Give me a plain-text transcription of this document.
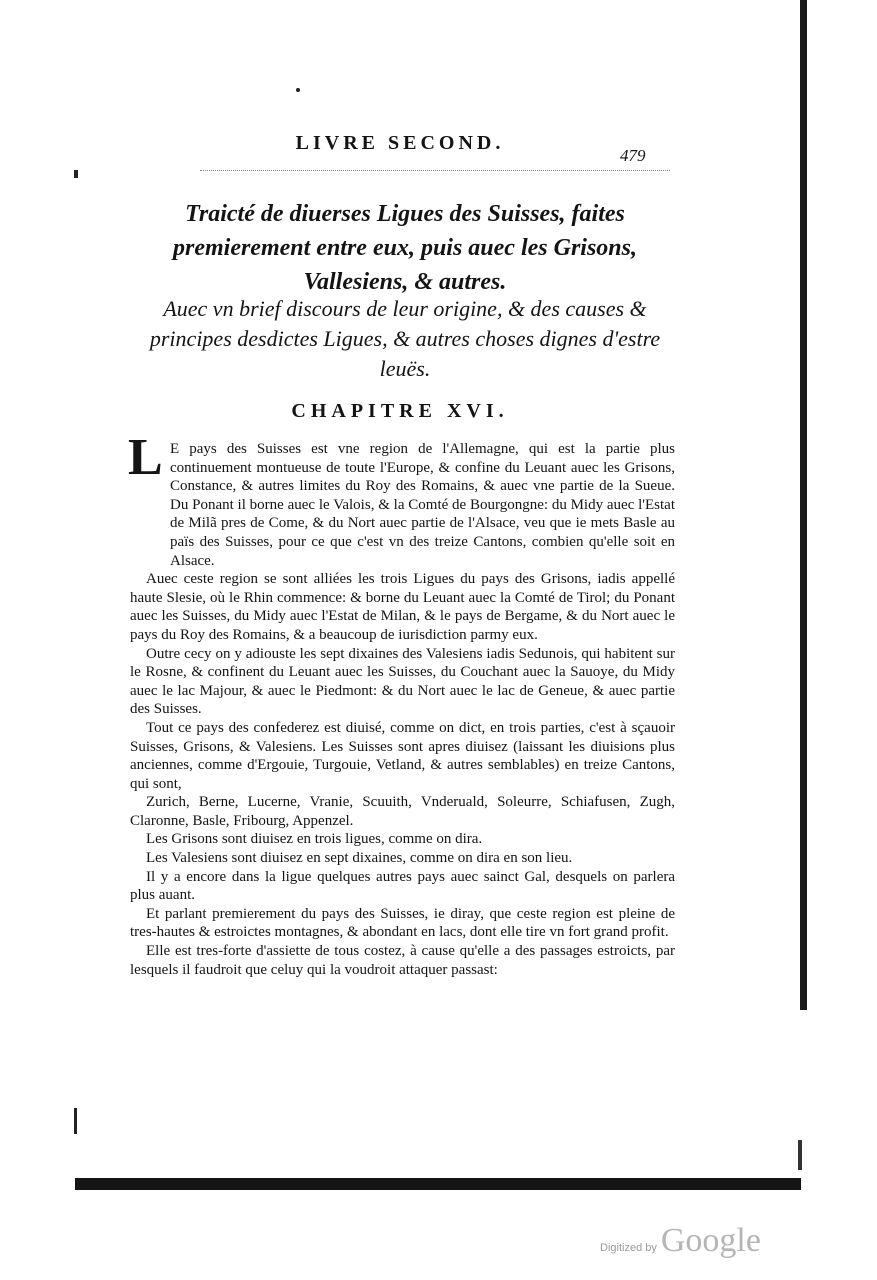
LIVRE SECOND.
479
Traicté de diuerses Ligues des Suisses, faites premierement entre eux, puis auec les Grisons, Vallesiens, & autres.
Auec vn brief discours de leur origine, & des causes & principes desdictes Ligues, & autres choses dignes d'estre leuës.
CHAPITRE XVI.
L E pays des Suisses est vne region de l'Allemagne, qui est la partie plus continuement montueuse de toute l'Europe, & confine du Leuant auec les Grisons, Constance, & autres limites du Roy des Romains, & auec vne partie de la Sueue. Du Ponant il borne auec le Valois, & la Comté de Bourgongne: du Midy auec l'Estat de Milã pres de Come, & du Nort auec partie de l'Alsace, veu que ie mets Basle au païs des Suisses, pour ce que c'est vn des treize Cantons, combien qu'elle soit en Alsace.

Auec ceste region se sont alliées les trois Ligues du pays des Grisons, iadis appellé haute Slesie, où le Rhin commence: & borne du Leuant auec la Comté de Tirol; du Ponant auec les Suisses, du Midy auec l'Estat de Milan, & le pays de Bergame, & du Nort auec le pays du Roy des Romains, & a beaucoup de iurisdiction parmy eux.

Outre cecy on y adiouste les sept dixaines des Valesiens iadis Sedunois, qui habitent sur le Rosne, & confinent du Leuant auec les Suisses, du Couchant auec la Sauoye, du Midy auec le lac Majour, & auec le Piedmont: & du Nort auec le lac de Geneue, & auec partie des Suisses.

Tout ce pays des confederez est diuisé, comme on dict, en trois parties, c'est à sçauoir Suisses, Grisons, & Valesiens. Les Suisses sont apres diuisez (laissant les diuisions plus anciennes, comme d'Ergouie, Turgouie, Vetland, & autres semblables) en treize Cantons, qui sont,

Zurich, Berne, Lucerne, Vranie, Scuuith, Vnderuald, Soleurre, Schiafusen, Zugh, Claronne, Basle, Fribourg, Appenzel.

Les Grisons sont diuisez en trois ligues, comme on dira.

Les Valesiens sont diuisez en sept dixaines, comme on dira en son lieu.

Il y a encore dans la ligue quelques autres pays auec sainct Gal, desquels on parlera plus auant.

Et parlant premierement du pays des Suisses, ie diray, que ceste region est pleine de tres-hautes & estroictes montagnes, & abondant en lacs, dont elle tire vn fort grand profit.

Elle est tres-forte d'assiette de tous costez, à cause qu'elle a des passages estroicts, par lesquels il faudroit que celuy qui la voudroit attaquer passast:

Digitized by Google
